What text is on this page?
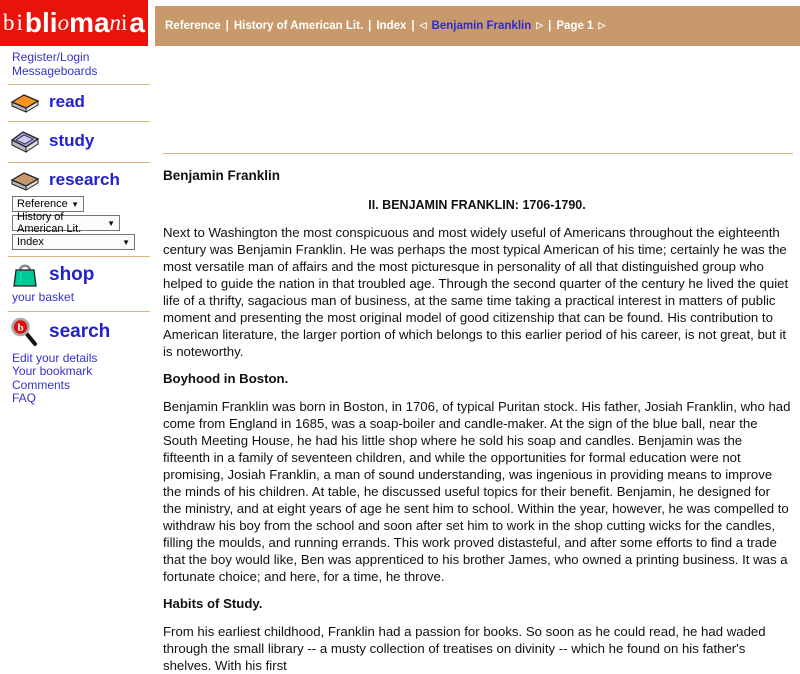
bi bli o ma n i a Reference | History of American Lit. | Index | ◁ Benjamin Franklin ▷ | Page 1 ▷
Register/Login
Messageboards
read
study
research
Reference ▼
History of American Lit.	▼
Index	▼
shop
your basket
b search
Edit your details
Your bookmark
Comments
FAQ
Benjamin Franklin

II. BENJAMIN FRANKLIN: 1706-1790.

Next to Washington the most conspicuous and most widely useful of Americans throughout the eighteenth century was Benjamin Franklin. He was perhaps the most typical American of his time; certainly he was the most versatile man of affairs and the most picturesque in personality of all that distinguished group who helped to guide the nation in that troubled age. Through the second quarter of the century he lived the quiet life of a thrifty, sagacious man of business, at the same time taking a practical interest in matters of public moment and presenting the most original model of good citizenship that can be found. His contribution to American literature, the larger portion of which belongs to this earlier period of his career, is not great, but it is noteworthy.

Boyhood in Boston.

Benjamin Franklin was born in Boston, in 1706, of typical Puritan stock. His father, Josiah Franklin, who had come from England in 1685, was a soap-boiler and candle-maker. At the sign of the blue ball, near the South Meeting House, he had his little shop where he sold his soap and candles. Benjamin was the fifteenth in a family of seventeen children, and while the opportunities for formal education were not promising, Josiah Franklin, a man of sound understanding, was ingenious in providing means to improve the minds of his children. At table, he discussed useful topics for their benefit. Benjamin, he designed for the ministry, and at eight years of age he sent him to school. Within the year, however, he was compelled to withdraw his boy from the school and soon after set him to work in the shop cutting wicks for the candles, filling the moulds, and running errands. This work proved distasteful, and after some efforts to find a trade that the boy would like, Ben was apprenticed to his brother James, who owned a printing business. It was a fortunate choice; and here, for a time, he throve.

Habits of Study.

From his earliest childhood, Franklin had a passion for books. So soon as he could read, he had waded through the small library -- a musty collection of treatises on divinity -- which he found on his father's shelves. With his first
